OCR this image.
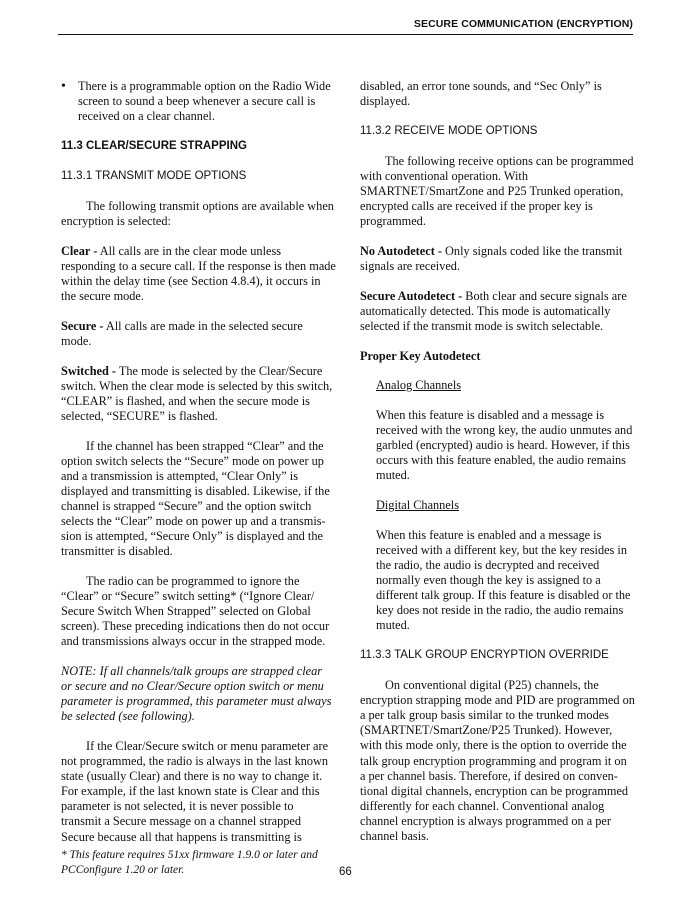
SECURE COMMUNICATION (ENCRYPTION)

• There is a programmable option on the Radio Wide screen to sound a beep whenever a secure call is received on a clear channel.

11.3 CLEAR/SECURE STRAPPING
11.3.1 TRANSMIT MODE OPTIONS

The following transmit options are available when encryption is selected:

Clear - All calls are in the clear mode unless responding to a secure call. If the response is then made within the delay time (see Section 4.8.4), it occurs in the secure mode.

Secure - All calls are made in the selected secure mode.

Switched - The mode is selected by the Clear/Secure switch. When the clear mode is selected by this switch, “CLEAR” is flashed, and when the secure mode is selected, “SECURE” is flashed.

If the channel has been strapped “Clear” and the option switch selects the “Secure” mode on power up and a transmission is attempted, “Clear Only” is displayed and transmitting is disabled. Likewise, if the channel is strapped “Secure” and the option switch selects the “Clear” mode on power up and a transmis-sion is attempted, “Secure Only” is displayed and the transmitter is disabled.

The radio can be programmed to ignore the “Clear” or “Secure” switch setting* (“Ignore Clear/ Secure Switch When Strapped” selected on Global screen). These preceding indications then do not occur and transmissions always occur in the strapped mode.

NOTE: If all channels/talk groups are strapped clear or secure and no Clear/Secure option switch or menu parameter is programmed, this parameter must always be selected (see following).

If the Clear/Secure switch or menu parameter are not programmed, the radio is always in the last known state (usually Clear) and there is no way to change it. For example, if the last known state is Clear and this parameter is not selected, it is never possible to transmit a Secure message on a channel strapped Secure because all that happens is transmitting is

disabled, an error tone sounds, and “Sec Only” is displayed.

11.3.2 RECEIVE MODE OPTIONS

The following receive options can be programmed with conventional operation. With SMARTNET/SmartZone and P25 Trunked operation, encrypted calls are received if the proper key is programmed.

No Autodetect - Only signals coded like the transmit signals are received.

Secure Autodetect - Both clear and secure signals are automatically detected. This mode is automatically selected if the transmit mode is switch selectable.

Proper Key Autodetect

Analog Channels

When this feature is disabled and a message is received with the wrong key, the audio unmutes and garbled (encrypted) audio is heard. However, if this occurs with this feature enabled, the audio remains muted.

Digital Channels

When this feature is enabled and a message is received with a different key, but the key resides in the radio, the audio is decrypted and received normally even though the key is assigned to a different talk group. If this feature is disabled or the key does not reside in the radio, the audio remains muted.

11.3.3 TALK GROUP ENCRYPTION OVERRIDE

On conventional digital (P25) channels, the encryption strapping mode and PID are programmed on a per talk group basis similar to the trunked modes (SMARTNET/SmartZone/P25 Trunked). However, with this mode only, there is the option to override the talk group encryption programming and program it on a per channel basis. Therefore, if desired on conven-tional digital channels, encryption can be programmed differently for each channel. Conventional analog channel encryption is always programmed on a per channel basis.

* This feature requires 51xx firmware 1.9.0 or later and PCConfigure 1.20 or later.	66
